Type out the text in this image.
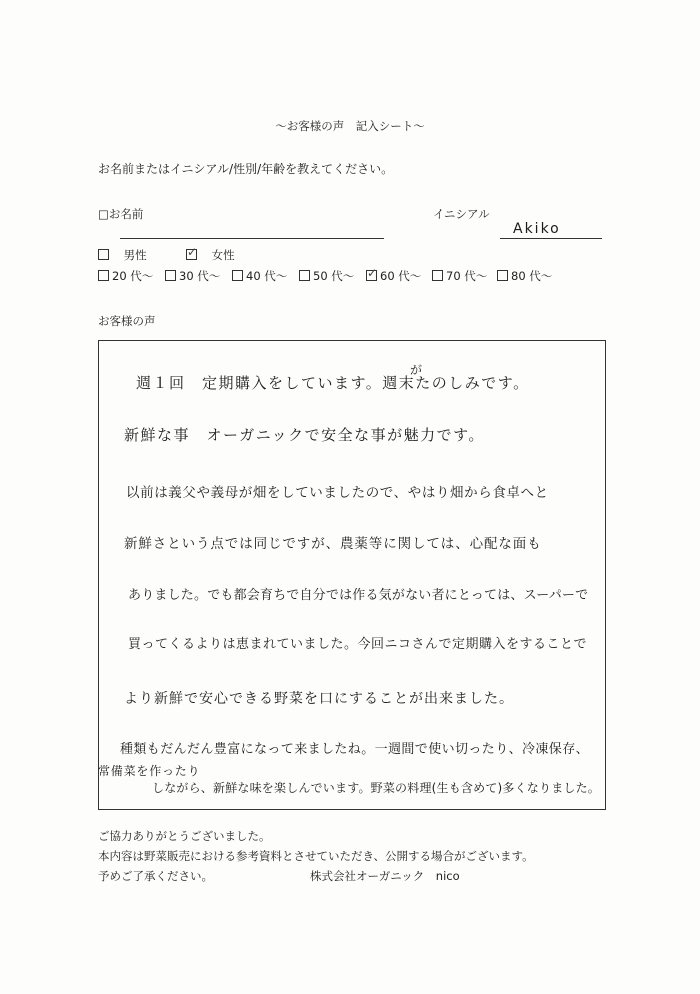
〜お客様の声　記入シート〜
お名前またはイニシアル/性別/年齢を教えてください。
□お名前	イニシアル
Akiko
男性 ✓	女性
20 代〜	30 代〜	40 代〜	50 代〜 ✓	60 代〜	70 代〜	80 代〜
お客様の声
が
週１回　定期購入をしています。週末たのしみです。
新鮮な事　オーガニックで安全な事が魅力です。
以前は義父や義母が畑をしていましたので、やはり畑から食卓へと
新鮮さという点では同じですが、農薬等に関しては、心配な面も
ありました。でも都会育ちで自分では作る気がない者にとっては、スーパーで
買ってくるよりは恵まれていました。今回ニコさんで定期購入をすることで
より新鮮で安心できる野菜を口にすることが出来ました。
種類もだんだん豊富になって来ましたね。一週間で使い切ったり、冷凍保存、
常備菜を作ったり
しながら、新鮮な味を楽しんでいます。野菜の料理(生も含めて)多くなりました。
ご協力ありがとうございました。
本内容は野菜販売における参考資料とさせていただき、公開する場合がございます。
予めご了承ください。	株式会社オーガニック　nico
